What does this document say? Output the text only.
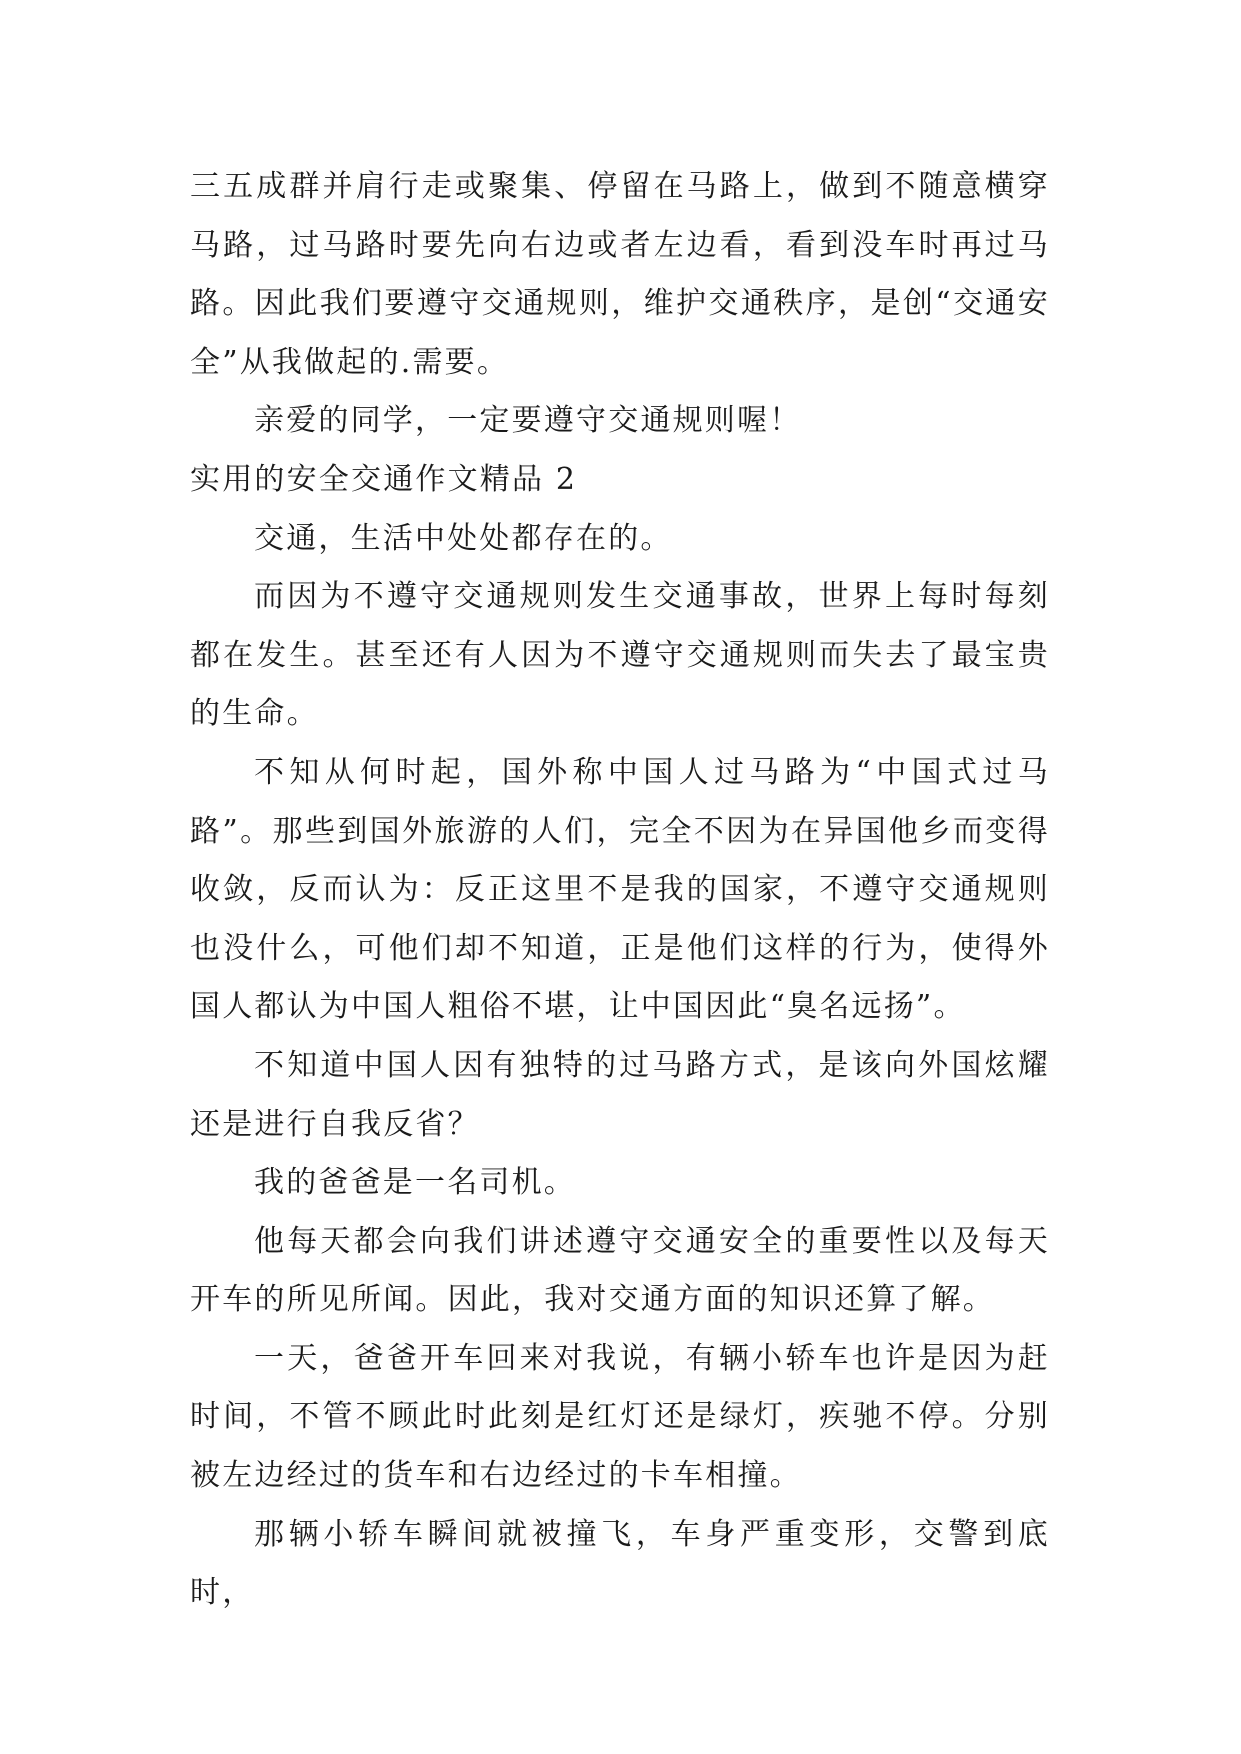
三五成群并肩行走或聚集、停留在马路上，做到不随意横穿马路，过马路时要先向右边或者左边看，看到没车时再过马路。因此我们要遵守交通规则，维护交通秩序，是创“交通安全”从我做起的.需要。

亲爱的同学，一定要遵守交通规则喔！

实用的安全交通作文精品 2

交通，生活中处处都存在的。

而因为不遵守交通规则发生交通事故，世界上每时每刻都在发生。甚至还有人因为不遵守交通规则而失去了最宝贵的生命。

不知从何时起，国外称中国人过马路为“中国式过马路”。那些到国外旅游的人们，完全不因为在异国他乡而变得收敛，反而认为：反正这里不是我的国家，不遵守交通规则也没什么，可他们却不知道，正是他们这样的行为，使得外国人都认为中国人粗俗不堪，让中国因此“臭名远扬”。

不知道中国人因有独特的过马路方式，是该向外国炫耀还是进行自我反省？

我的爸爸是一名司机。

他每天都会向我们讲述遵守交通安全的重要性以及每天开车的所见所闻。因此，我对交通方面的知识还算了解。

一天，爸爸开车回来对我说，有辆小轿车也许是因为赶时间，不管不顾此时此刻是红灯还是绿灯，疾驰不停。分别被左边经过的货车和右边经过的卡车相撞。

那辆小轿车瞬间就被撞飞，车身严重变形，交警到底时，
